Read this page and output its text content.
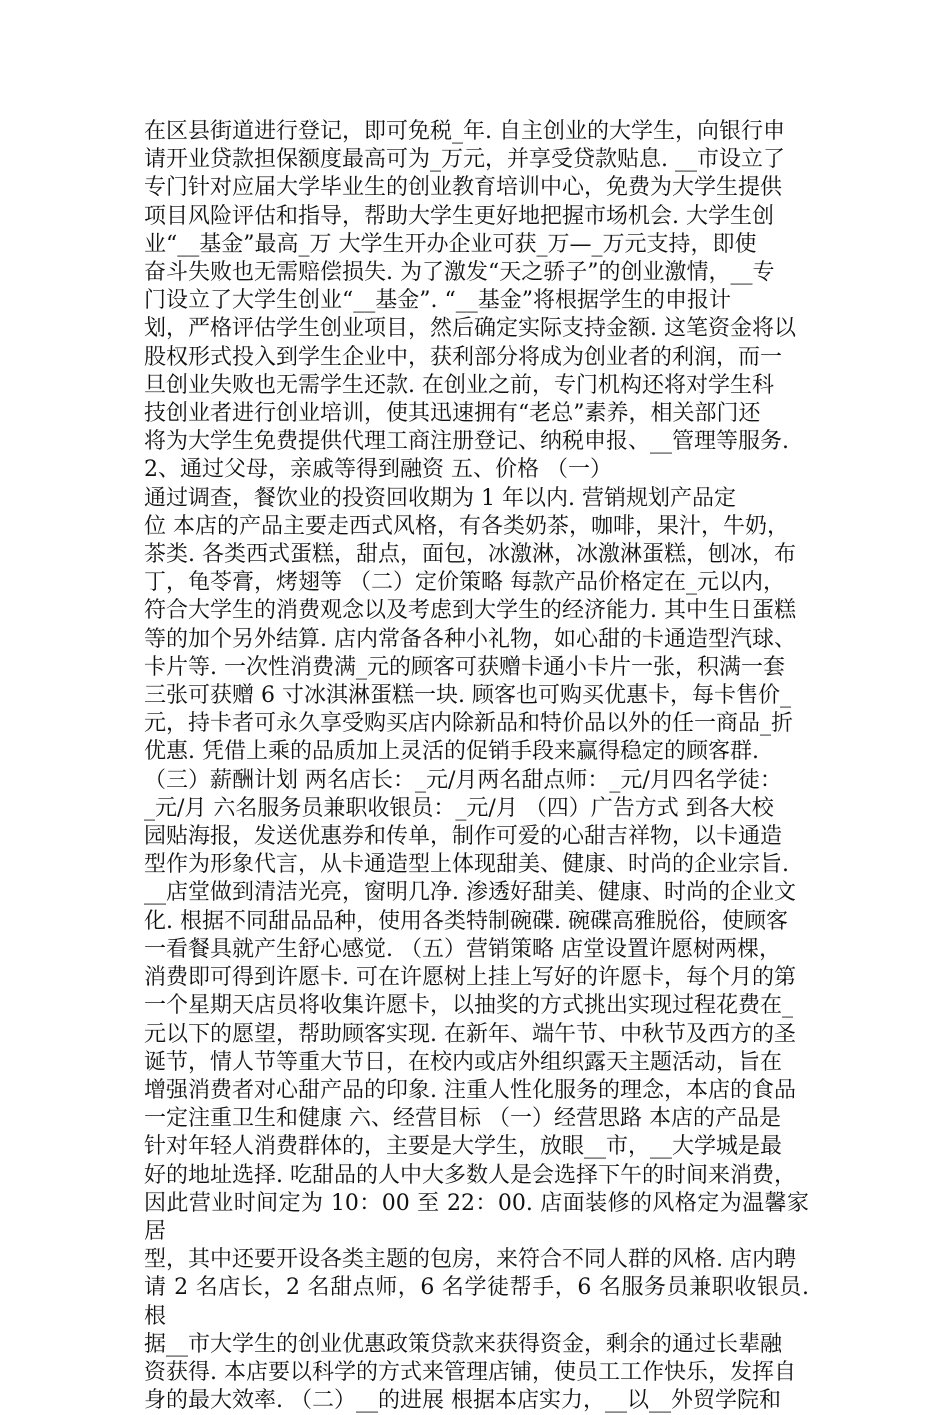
在区县街道进行登记，即可免税_年. 自主创业的大学生，向银行申
请开业贷款担保额度最高可为_万元，并享受贷款贴息. __市设立了
专门针对应届大学毕业生的创业教育培训中心，免费为大学生提供
项目风险评估和指导，帮助大学生更好地把握市场机会. 大学生创
业“__基金”最高_万 大学生开办企业可获_万—_万元支持，即使
奋斗失败也无需赔偿损失. 为了激发“天之骄子”的创业激情，__专
门设立了大学生创业“__基金”. “__基金”将根据学生的申报计
划，严格评估学生创业项目，然后确定实际支持金额. 这笔资金将以
股权形式投入到学生企业中，获利部分将成为创业者的利润，而一
旦创业失败也无需学生还款. 在创业之前，专门机构还将对学生科
技创业者进行创业培训，使其迅速拥有“老总”素养，相关部门还
将为大学生免费提供代理工商注册登记、纳税申报、__管理等服务.
2、通过父母，亲戚等得到融资 五、价格 （一）
通过调查，餐饮业的投资回收期为 1 年以内. 营销规划产品定
位 本店的产品主要走西式风格，有各类奶茶，咖啡，果汁，牛奶，
茶类. 各类西式蛋糕，甜点，面包，冰激淋，冰激淋蛋糕，刨冰，布
丁，龟苓膏，烤翅等 （二）定价策略 每款产品价格定在_元以内，
符合大学生的消费观念以及考虑到大学生的经济能力. 其中生日蛋糕
等的加个另外结算. 店内常备各种小礼物，如心甜的卡通造型汽球、
卡片等. 一次性消费满_元的顾客可获赠卡通小卡片一张，积满一套
三张可获赠 6 寸冰淇淋蛋糕一块. 顾客也可购买优惠卡，每卡售价_
元，持卡者可永久享受购买店内除新品和特价品以外的任一商品_折
优惠. 凭借上乘的品质加上灵活的促销手段来赢得稳定的顾客群.
（三）薪酬计划 两名店长：_元/月两名甜点师：_元/月四名学徒：
_元/月 六名服务员兼职收银员：_元/月 （四）广告方式 到各大校
园贴海报，发送优惠券和传单，制作可爱的心甜吉祥物，以卡通造
型作为形象代言，从卡通造型上体现甜美、健康、时尚的企业宗旨.
__店堂做到清洁光亮，窗明几净. 渗透好甜美、健康、时尚的企业文
化. 根据不同甜品品种，使用各类特制碗碟. 碗碟高雅脱俗，使顾客
一看餐具就产生舒心感觉. （五）营销策略 店堂设置许愿树两棵，
消费即可得到许愿卡. 可在许愿树上挂上写好的许愿卡，每个月的第
一个星期天店员将收集许愿卡，以抽奖的方式挑出实现过程花费在_
元以下的愿望，帮助顾客实现. 在新年、端午节、中秋节及西方的圣
诞节，情人节等重大节日，在校内或店外组织露天主题活动，旨在
增强消费者对心甜产品的印象. 注重人性化服务的理念，本店的食品
一定注重卫生和健康 六、经营目标 （一）经营思路 本店的产品是
针对年轻人消费群体的，主要是大学生，放眼__市，__大学城是最
好的地址选择. 吃甜品的人中大多数人是会选择下午的时间来消费，
因此营业时间定为 10：00 至 22：00. 店面装修的风格定为温馨家居
型，其中还要开设各类主题的包房，来符合不同人群的风格. 店内聘
请 2 名店长，2 名甜点师，6 名学徒帮手，6 名服务员兼职收银员. 根
据__市大学生的创业优惠政策贷款来获得资金，剩余的通过长辈融
资获得. 本店要以科学的方式来管理店铺，使员工工作快乐，发挥自
身的最大效率. （二）__的进展 根据本店实力，__以__外贸学院和
